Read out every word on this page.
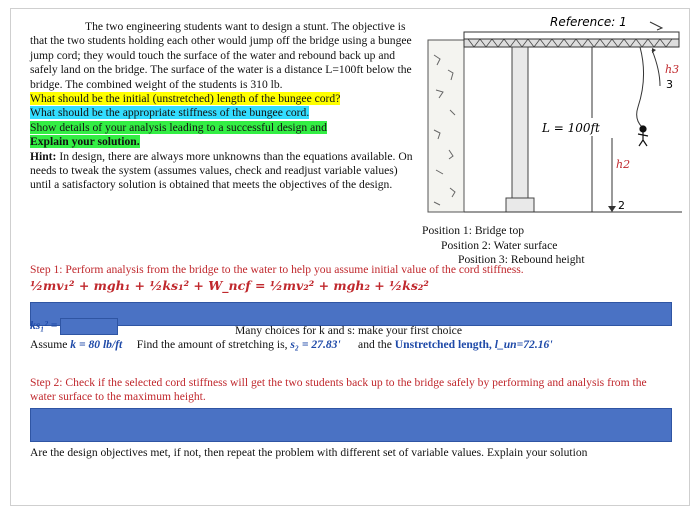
The two engineering students want to design a stunt. The objective is that the two students holding each other would jump off the bridge using a bungee jump cord; they would touch the surface of the water and rebound back up and safely land on the bridge. The surface of the water is a distance L=100ft below the bridge. The combined weight of the students is 310 lb.

What should be the initial (unstretched) length of the bungee cord?

What should be the appropriate stiffness of the bungee cord.

Show details of your analysis leading to a successful design and

Explain your solution.

Hint: In design, there are always more unknowns than the equations available. On needs to tweak the system (assumes values, check and readjust variable values) until a satisfactory solution is obtained that meets the objectives of the design.

L = 100ft
h2
2
h3
3
Reference: 1
Position 1: Bridge top
Position 2: Water surface
Position 3: Rebound height
Step 1: Perform analysis from the bridge to the water to help you assume initial value of the cord stiffness.
½mv₁² + mgh₁ + ½ks₁² + W_ncf = ½mv₂² + mgh₂ + ½ks₂²
ks₁² =	Many choices for k and s: make your first choice
Assume k = 80 lb/ft Find the amount of stretching is, s₂ = 27.83' and the Unstretched length, l_un=72.16'
Step 2: Check if the selected cord stiffness will get the two students back up to the bridge safely by performing and analysis from the water surface to the maximum height.
Are the design objectives met, if not, then repeat the problem with different set of variable values. Explain your solution
